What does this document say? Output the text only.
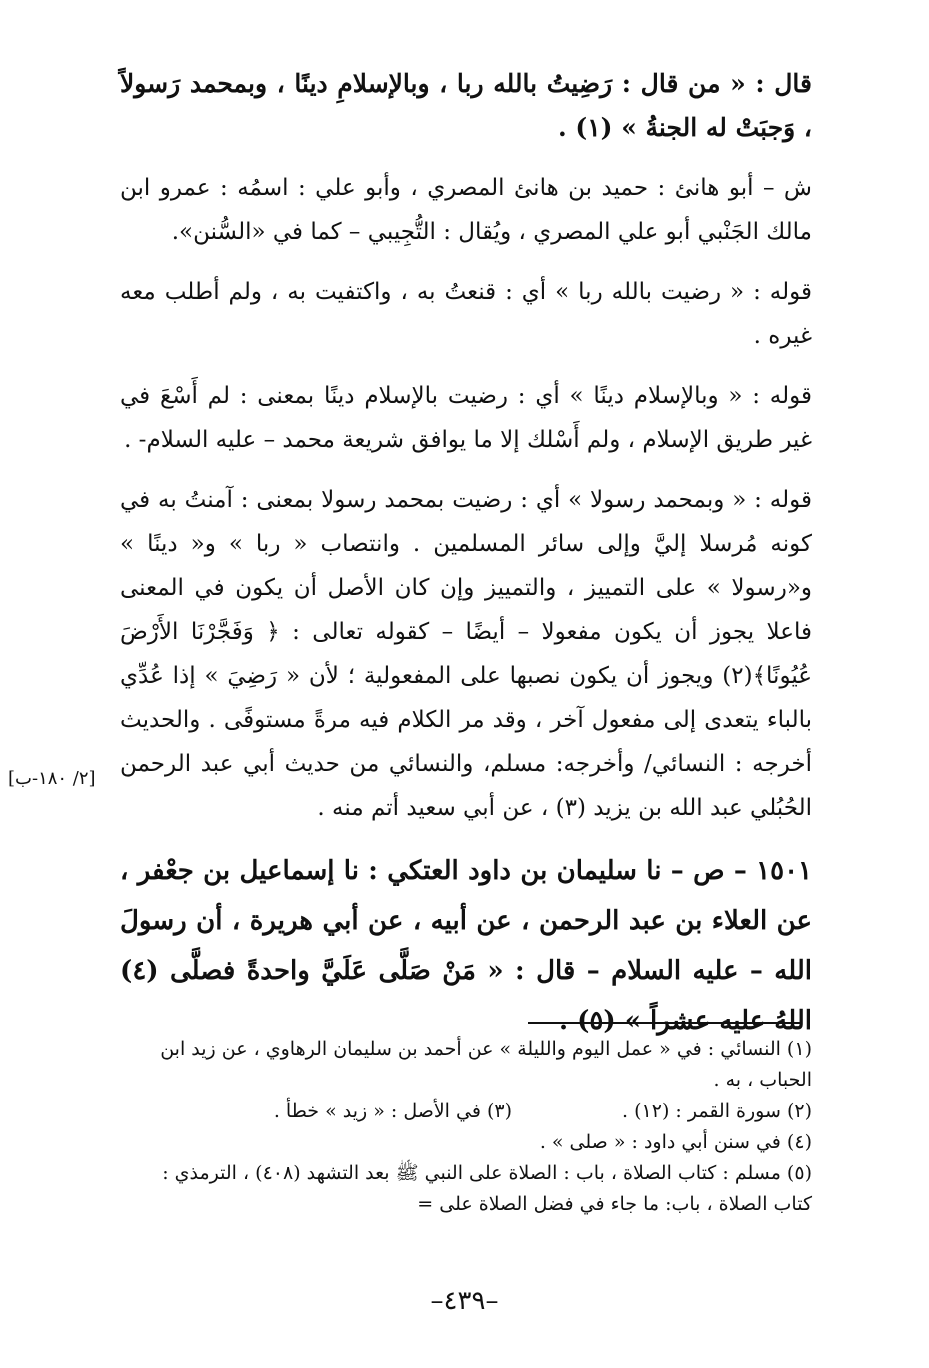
قال : « من قال : رَضِيتُ بالله ربا ، وبالإسلامِ دينًا ، وبمحمد رَسولاً ، وَجبَتْ له الجنةُ » (١) .

ش – أبو هانئ : حميد بن هانئ المصري ، وأبو علي : اسمُه : عمرو ابن مالك الجَنْبي أبو علي المصري ، ويُقال : التُّجِيبي – كما في «السُّنن».

قوله : « رضيت بالله ربا » أي : قنعتُ به ، واكتفيت به ، ولم أطلب معه غيره .

قوله : « وبالإسلام دينًا » أي : رضيت بالإسلام دينًا بمعنى : لم أَسْعَ في غير طريق الإسلام ، ولم أَسْلك إلا ما يوافق شريعة محمد – عليه السلام- .

قوله : « وبمحمد رسولا » أي : رضيت بمحمد رسولا بمعنى : آمنتُ به في كونه مُرسلا إليَّ وإلى سائر المسلمين . وانتصاب « ربا » و« دينًا » و«رسولا » على التمييز ، والتمييز وإن كان الأصل أن يكون في المعنى فاعلا يجوز أن يكون مفعولا – أيضًا – كقوله تعالى : ﴿ وَفَجَّرْنَا الأَرْضَ عُيُونًا﴾(٢) ويجوز أن يكون نصبها على المفعولية ؛ لأن « رَضِيَ » إذا عُدِّي بالباء يتعدى إلى مفعول آخر ، وقد مر الكلام فيه مرةً مستوفًى . والحديث أخرجه : النسائي/ وأخرجه: مسلم، والنسائي من حديث أبي عبد الرحمن الحُبُلي عبد الله بن يزيد (٣) ، عن أبي سعيد أتم منه .

١٥٠١ – ص – نا سليمان بن داود العتكي : نا إسماعيل بن جعْفر ، عن العلاء بن عبد الرحمن ، عن أبيه ، عن أبي هريرة ، أن رسولَ الله – عليه السلام – قال : « مَنْ صَلَّى عَلَيَّ واحدةً فصلَّى (٤) اللهُ عليه عشراً » (٥) .

[٢/ ١٨٠-ب]

(١) النسائي : في « عمل اليوم والليلة » عن أحمد بن سليمان الرهاوي ، عن زيد ابن الحباب ، به .

(٢) سورة القمر : (١٢) .
(٣) في الأصل : « زيد » خطأ .

(٤) في سنن أبي داود : « صلى » .

(٥) مسلم : كتاب الصلاة ، باب : الصلاة على النبي ﷺ بعد التشهد (٤٠٨) ، الترمذي : كتاب الصلاة ، باب: ما جاء في فضل الصلاة على =

–٤٣٩–
